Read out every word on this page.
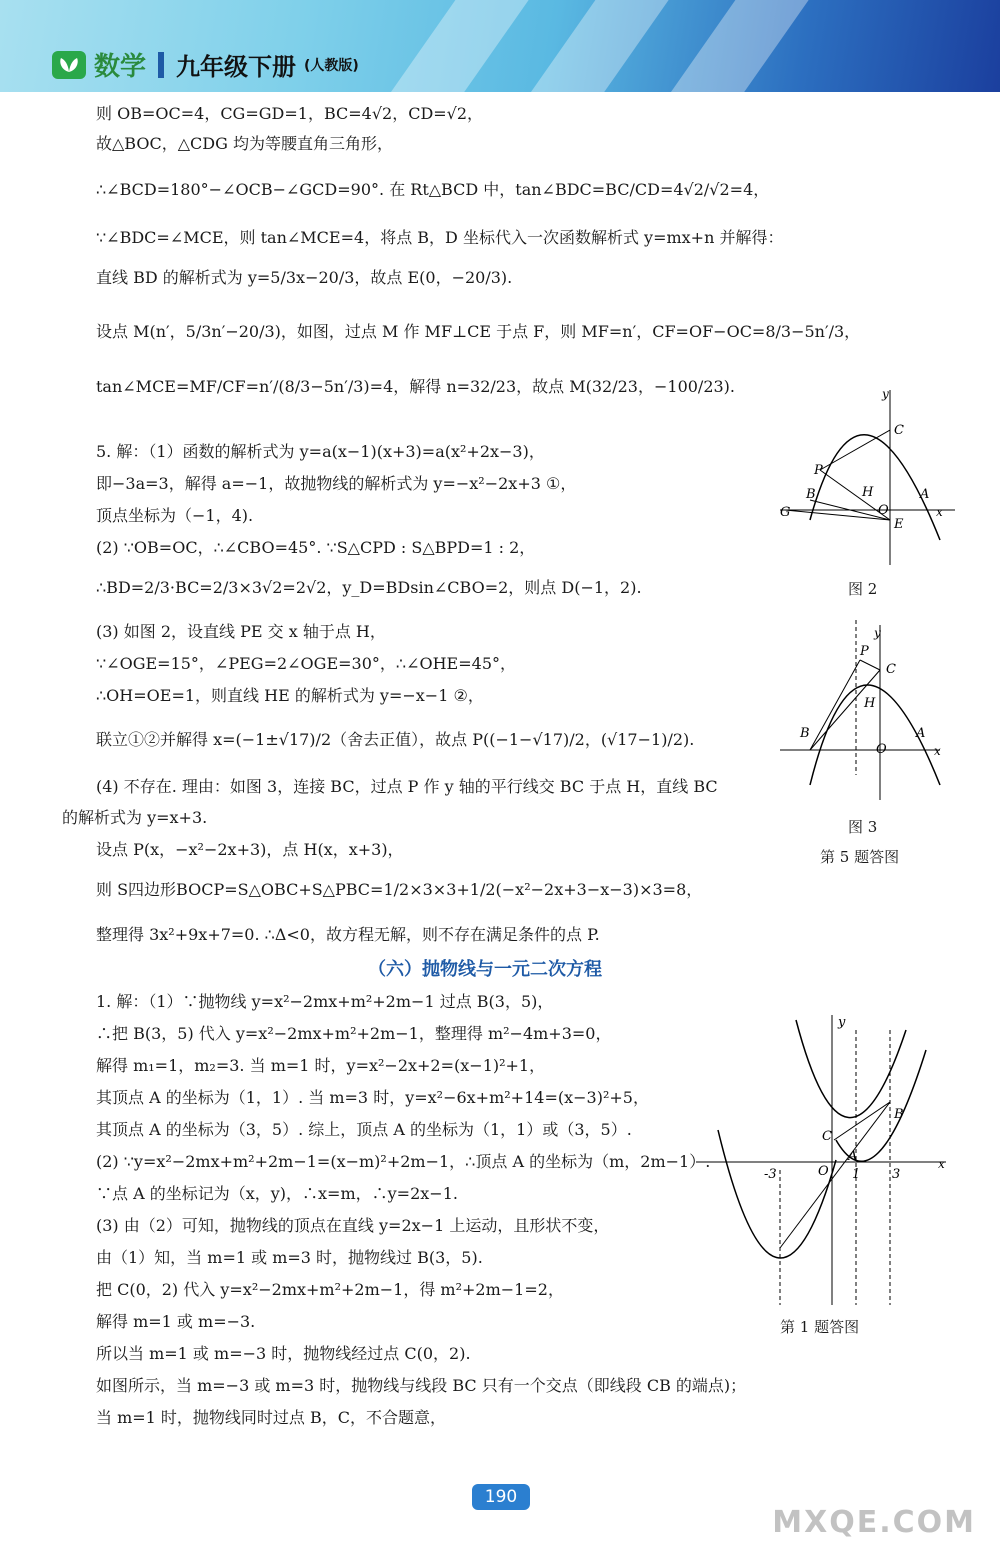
数学 九年级下册 (人教版)
则 OB=OC=4，CG=GD=1，BC=4√2，CD=√2，
故△BOC，△CDG 均为等腰直角三角形，
∴∠BCD=180°−∠OCB−∠GCD=90°. 在 Rt△BCD 中，tan∠BDC=BC/CD=4√2/√2=4，
∵∠BDC=∠MCE，则 tan∠MCE=4，将点 B，D 坐标代入一次函数解析式 y=mx+n 并解得：
直线 BD 的解析式为 y=5/3x−20/3，故点 E(0，−20/3).
设点 M(n′，5/3n′−20/3)，如图，过点 M 作 MF⊥CE 于点 F，则 MF=n′，CF=OF−OC=8/3−5n′/3，
tan∠MCE=MF/CF=n′/(8/3−5n′/3)=4，解得 n=32/23，故点 M(32/23，−100/23).
5. 解：（1）函数的解析式为 y=a(x−1)(x+3)=a(x²+2x−3)，
即−3a=3，解得 a=−1，故抛物线的解析式为 y=−x²−2x+3 ①，
顶点坐标为（−1，4).
(2) ∵OB=OC，∴∠CBO=45°. ∵S△CPD : S△BPD=1 : 2，
∴BD=2/3·BC=2/3×3√2=2√2，y_D=BDsin∠CBO=2，则点 D(−1，2).
(3) 如图 2，设直线 PE 交 x 轴于点 H，
∵∠OGE=15°，∠PEG=2∠OGE=30°，∴∠OHE=45°，
∴OH=OE=1，则直线 HE 的解析式为 y=−x−1 ②，
联立①②并解得 x=(−1±√17)/2（舍去正值），故点 P((−1−√17)/2，(√17−1)/2).
(4) 不存在. 理由：如图 3，连接 BC，过点 P 作 y 轴的平行线交 BC 于点 H，直线 BC
的解析式为 y=x+3.
设点 P(x，−x²−2x+3)，点 H(x，x+3)，
则 S四边形BOCP=S△OBC+S△PBC=1/2×3×3+1/2(−x²−2x+3−x−3)×3=8，
整理得 3x²+9x+7=0. ∴Δ<0，故方程无解，则不存在满足条件的点 P.
（六）抛物线与一元二次方程
1. 解：（1）∵抛物线 y=x²−2mx+m²+2m−1 过点 B(3，5)，
∴把 B(3，5) 代入 y=x²−2mx+m²+2m−1，整理得 m²−4m+3=0，
解得 m₁=1，m₂=3. 当 m=1 时，y=x²−2x+2=(x−1)²+1，
其顶点 A 的坐标为（1，1）. 当 m=3 时，y=x²−6x+m²+14=(x−3)²+5，
其顶点 A 的坐标为（3，5）. 综上，顶点 A 的坐标为（1，1）或（3，5）.
(2) ∵y=x²−2mx+m²+2m−1=(x−m)²+2m−1，∴顶点 A 的坐标为（m，2m−1）.
∵点 A 的坐标记为（x，y)，∴x=m，∴y=2x−1.
(3) 由（2）可知，抛物线的顶点在直线 y=2x−1 上运动，且形状不变，
由（1）知，当 m=1 或 m=3 时，抛物线过 B(3，5).
把 C(0，2) 代入 y=x²−2mx+m²+2m−1，得 m²+2m−1=2，
解得 m=1 或 m=−3.
所以当 m=1 或 m=−3 时，抛物线经过点 C(0，2).
如图所示，当 m=−3 或 m=3 时，抛物线与线段 BC 只有一个交点（即线段 CB 的端点)；
当 m=1 时，抛物线同时过点 B，C，不合题意，
y
C
P
B	H	A
G	O
E
x
图 2
y
P
C
H
B
O
A
x
图 3
第 5 题答图
y
B
C
A
O
-3	1 3
x
第 1 题答图
190
MXQE.COM
